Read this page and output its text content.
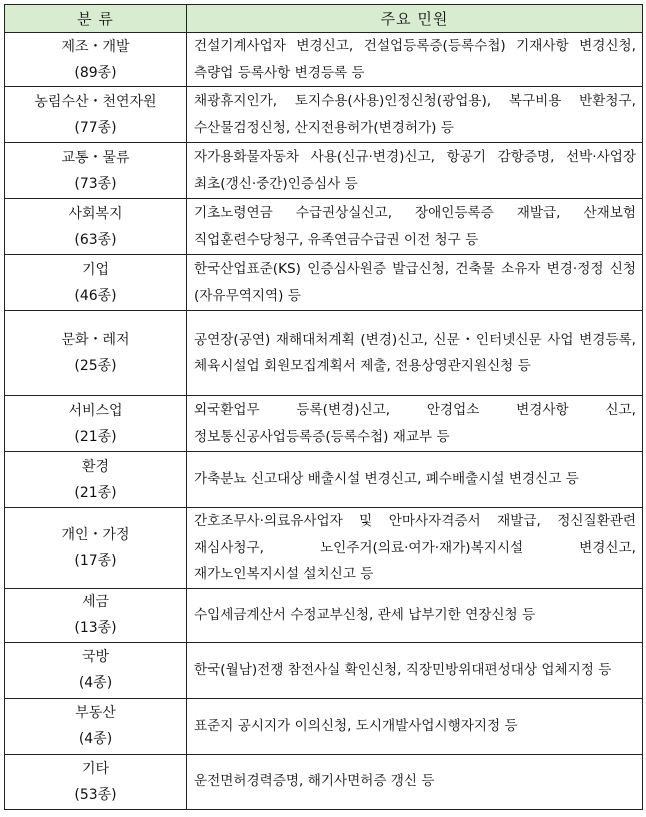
분 류	주요 민원

제조・개발
(89종)	건설기계사업자 변경신고, 건설업등록증(등록수첩) 기재사항 변경신청, 측량업 등록사항 변경등록 등

농림수산・천연자원
(77종)	채광휴지인가, 토지수용(사용)인정신청(광업용), 복구비용 반환청구, 수산물검정신청, 산지전용허가(변경허가) 등

교통・물류
(73종)	자가용화물자동차 사용(신규·변경)신고, 항공기 감항증명, 선박·사업장 최초(갱신·중간)인증심사 등

사회복지
(63종)	기초노령연금 수급권상실신고, 장애인등록증 재발급, 산재보험 직업훈련수당청구, 유족연금수급권 이전 청구 등

기업
(46종)	한국산업표준(KS) 인증심사원증 발급신청, 건축물 소유자 변경·정정 신청(자유무역지역) 등

문화・레저
(25종)	공연장(공연) 재해대처계획 (변경)신고, 신문・인터넷신문 사업 변경등록, 체육시설업 회원모집계획서 제출, 전용상영관지원신청 등

서비스업
(21종)	외국환업무 등록(변경)신고, 안경업소 변경사항 신고, 정보통신공사업등록증(등록수첩) 재교부 등

환경
(21종)	가축분뇨 신고대상 배출시설 변경신고, 폐수배출시설 변경신고 등

개인・가정
(17종)	간호조무사·의료유사업자 및 안마사자격증서 재발급, 정신질환관련 재심사청구, 노인주거(의료·여가·재가)복지시설 변경신고, 재가노인복지시설 설치신고 등

세금
(13종)	수입세금계산서 수정교부신청, 관세 납부기한 연장신청 등

국방
(4종)	한국(월남)전쟁 참전사실 확인신청, 직장민방위대편성대상 업체지정 등

부동산
(4종)	표준지 공시지가 이의신청, 도시개발사업시행자지정 등

기타
(53종)	운전면허경력증명, 해기사면허증 갱신 등
